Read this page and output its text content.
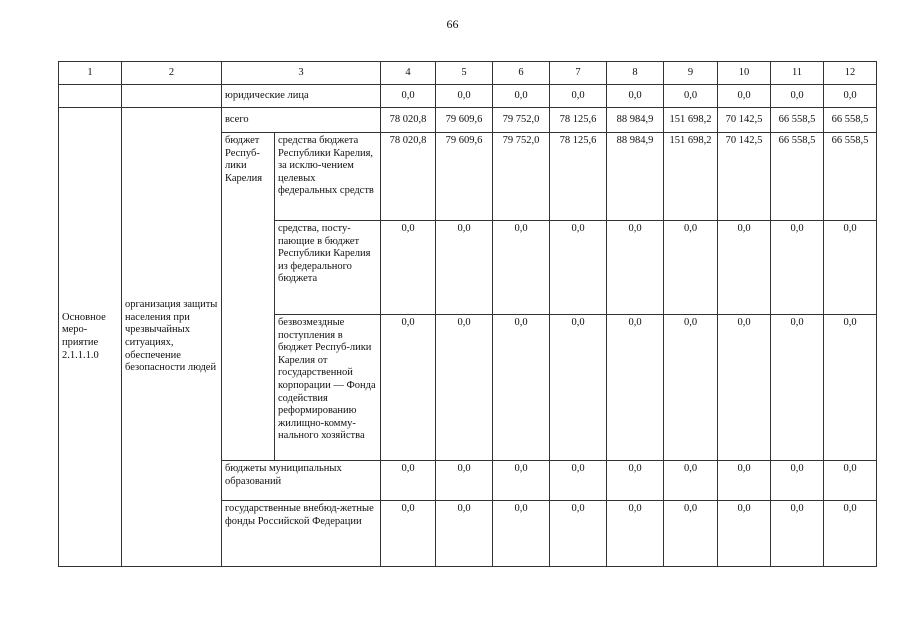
66
1	2	3		4	5	6	7	8	9	10	11	12
		юридические лица		0,0	0,0	0,0	0,0	0,0	0,0	0,0	0,0	0,0
Основное меро-приятие 2.1.1.1.0	организация защиты населения при чрезвычайных ситуациях, обеспечение безопасности людей	всего		78 020,8	79 609,6	79 752,0	78 125,6	88 984,9	151 698,2	70 142,5	66 558,5	66 558,5
		бюджет Респуб-лики Карелия	средства бюджета Республики Карелия, за исклю-чением целевых федеральных средств	78 020,8	79 609,6	79 752,0	78 125,6	88 984,9	151 698,2	70 142,5	66 558,5	66 558,5
			средства, посту-пающие в бюджет Республики Карелия из федерального бюджета	0,0	0,0	0,0	0,0	0,0	0,0	0,0	0,0	0,0
			безвозмездные поступления в бюджет Респуб-лики Карелия от государственной корпорации — Фонда содействия реформированию жилищно-комму-нального хозяйства	0,0	0,0	0,0	0,0	0,0	0,0	0,0	0,0	0,0
		бюджеты муниципальных образований		0,0	0,0	0,0	0,0	0,0	0,0	0,0	0,0	0,0
		государственные внебюд-жетные фонды Российской Федерации		0,0	0,0	0,0	0,0	0,0	0,0	0,0	0,0	0,0
